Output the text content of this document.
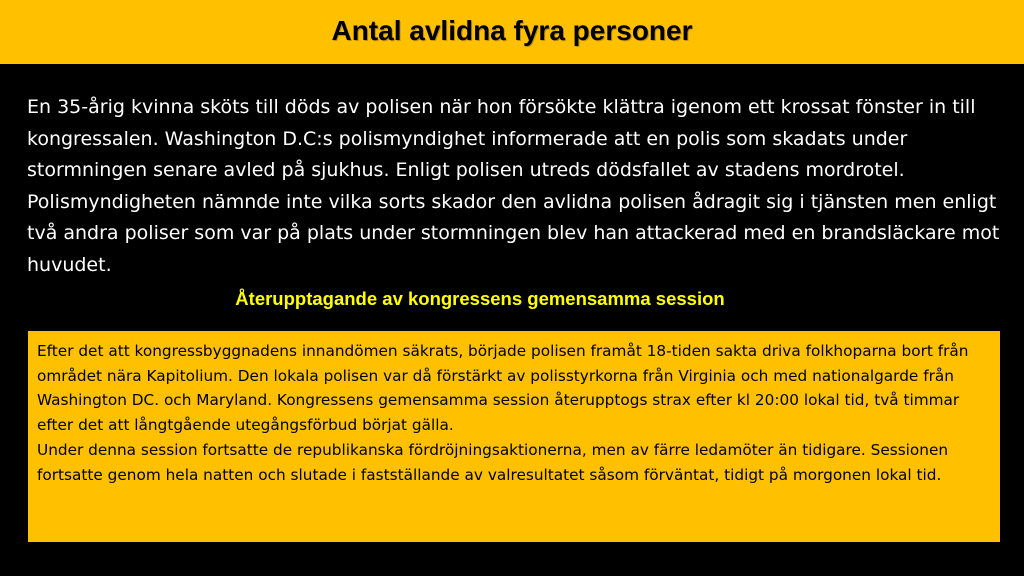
Antal avlidna fyra personer

En 35-årig kvinna sköts till döds av polisen när hon försökte klättra igenom ett krossat fönster in till kongressalen. Washington D.C:s polismyndighet informerade att en polis som skadats under stormningen senare avled på sjukhus. Enligt polisen utreds dödsfallet av stadens mordrotel. Polismyndigheten nämnde inte vilka sorts skador den avlidna polisen ådragit sig i tjänsten men enligt två andra poliser som var på plats under stormningen blev han attackerad med en brandsläckare mot huvudet.

Återupptagande av kongressens gemensamma session

Efter det att kongressbyggnadens innandömen säkrats, började polisen framåt 18-tiden sakta driva folkhoparna bort från området nära Kapitolium. Den lokala polisen var då förstärkt av polisstyrkorna från Virginia och med nationalgarde från Washington DC. och Maryland. Kongressens gemensamma session återupptogs strax efter kl 20:00 lokal tid, två timmar efter det att långtgående utegångsförbud börjat gälla.

Under denna session fortsatte de republikanska fördröjningsaktionerna, men av färre ledamöter än tidigare. Sessionen fortsatte genom hela natten och slutade i fastställande av valresultatet såsom förväntat, tidigt på morgonen lokal tid.
